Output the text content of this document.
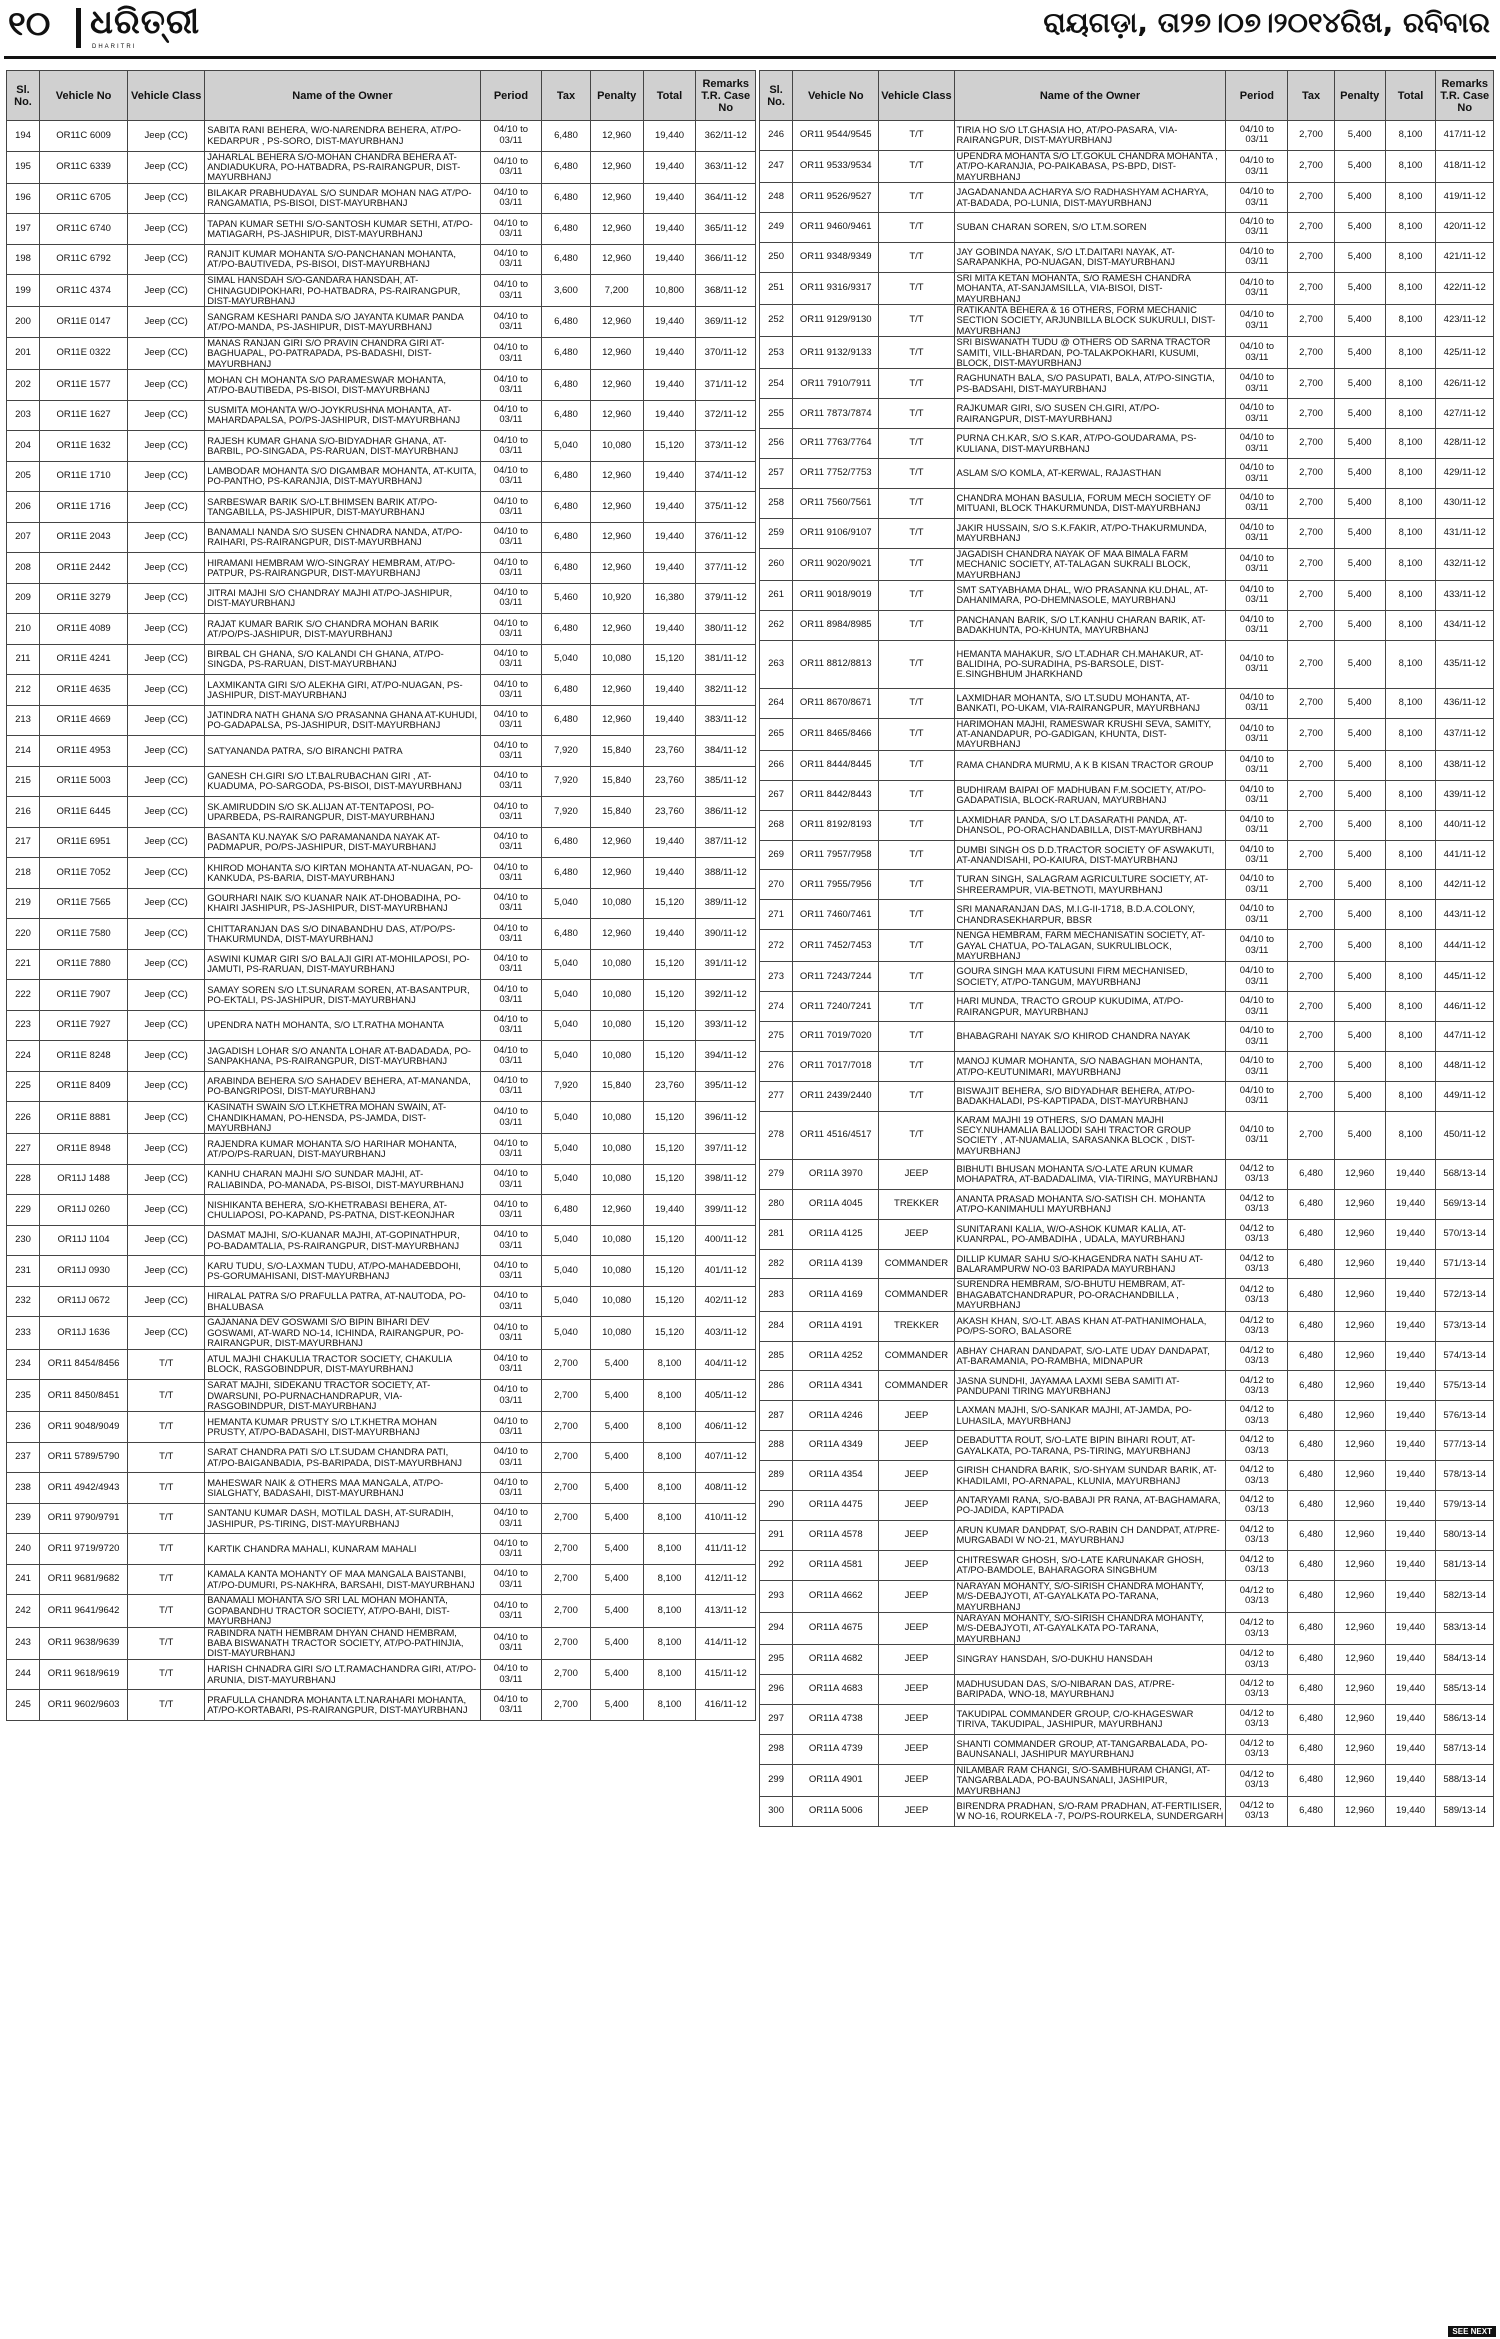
୧୦ ଧରିତ୍ରୀ
DHARITRI
ରାୟଗଡ଼ା, ତା୨୭।୦୭।୨୦୧୪ରିଖ, ରବିବାର
Sl. No.	Vehicle No	Vehicle Class	Name of the Owner	Period	Tax	Penalty	Total	Remarks T.R. Case No
194	OR11C 6009	Jeep (CC)	SABITA RANI BEHERA, W/O-NARENDRA BEHERA, AT/PO-KEDARPUR , PS-SORO, DIST-MAYURBHANJ	04/10 to 03/11	6,480	12,960	19,440	362/11-12
195	OR11C 6339	Jeep (CC)	JAHARLAL BEHERA S/O-MOHAN CHANDRA BEHERA AT-ANDIADUKURA, PO-HATBADRA, PS-RAIRANGPUR, DIST-MAYURBHANJ	04/10 to 03/11	6,480	12,960	19,440	363/11-12
196	OR11C 6705	Jeep (CC)	BILAKAR PRABHUDAYAL S/O SUNDAR MOHAN NAG AT/PO-RANGAMATIA, PS-BISOI, DIST-MAYURBHANJ	04/10 to 03/11	6,480	12,960	19,440	364/11-12
197	OR11C 6740	Jeep (CC)	TAPAN KUMAR SETHI S/O-SANTOSH KUMAR SETHI, AT/PO-MATIAGARH, PS-JASHIPUR, DIST-MAYURBHANJ	04/10 to 03/11	6,480	12,960	19,440	365/11-12
198	OR11C 6792	Jeep (CC)	RANJIT KUMAR MOHANTA S/O-PANCHANAN MOHANTA, AT/PO-BAUTIVEDA, PS-BISOI, DIST-MAYURBHANJ	04/10 to 03/11	6,480	12,960	19,440	366/11-12
199	OR11C 4374	Jeep (CC)	SIMAL HANSDAH S/O-GANDARA HANSDAH, AT-CHINAGUDIPOKHARI, PO-HATBADRA, PS-RAIRANGPUR, DIST-MAYURBHANJ	04/10 to 03/11	3,600	7,200	10,800	368/11-12
200	OR11E 0147	Jeep (CC)	SANGRAM KESHARI PANDA S/O JAYANTA KUMAR PANDA AT/PO-MANDA, PS-JASHIPUR, DIST-MAYURBHANJ	04/10 to 03/11	6,480	12,960	19,440	369/11-12
201	OR11E 0322	Jeep (CC)	MANAS RANJAN GIRI S/O PRAVIN CHANDRA GIRI AT-BAGHUAPAL, PO-PATRAPADA, PS-BADASHI, DIST-MAYURBHANJ	04/10 to 03/11	6,480	12,960	19,440	370/11-12
202	OR11E 1577	Jeep (CC)	MOHAN CH MOHANTA S/O PARAMESWAR MOHANTA, AT/PO-BAUTIBEDA, PS-BISOI, DIST-MAYURBHANJ	04/10 to 03/11	6,480	12,960	19,440	371/11-12
203	OR11E 1627	Jeep (CC)	SUSMITA MOHANTA W/O-JOYKRUSHNA MOHANTA, AT-MAHARDAPALSA, PO/PS-JASHIPUR, DIST-MAYURBHANJ	04/10 to 03/11	6,480	12,960	19,440	372/11-12
204	OR11E 1632	Jeep (CC)	RAJESH KUMAR GHANA S/O-BIDYADHAR GHANA, AT-BARBIL, PO-SINGADA, PS-RARUAN, DIST-MAYURBHANJ	04/10 to 03/11	5,040	10,080	15,120	373/11-12
205	OR11E 1710	Jeep (CC)	LAMBODAR MOHANTA S/O DIGAMBAR MOHANTA, AT-KUITA, PO-PANTHO, PS-KARANJIA, DIST-MAYURBHANJ	04/10 to 03/11	6,480	12,960	19,440	374/11-12
206	OR11E 1716	Jeep (CC)	SARBESWAR BARIK S/O-LT.BHIMSEN BARIK AT/PO-TANGABILLA, PS-JASHIPUR, DIST-MAYURBHANJ	04/10 to 03/11	6,480	12,960	19,440	375/11-12
207	OR11E 2043	Jeep (CC)	BANAMALI NANDA S/O SUSEN CHNADRA NANDA, AT/PO-RAIHARI, PS-RAIRANGPUR, DIST-MAYURBHANJ	04/10 to 03/11	6,480	12,960	19,440	376/11-12
208	OR11E 2442	Jeep (CC)	HIRAMANI HEMBRAM W/O-SINGRAY HEMBRAM, AT/PO-PATPUR, PS-RAIRANGPUR, DIST-MAYURBHANJ	04/10 to 03/11	6,480	12,960	19,440	377/11-12
209	OR11E 3279	Jeep (CC)	JITRAI MAJHI S/O CHANDRAY MAJHI AT/PO-JASHIPUR, DIST-MAYURBHANJ	04/10 to 03/11	5,460	10,920	16,380	379/11-12
210	OR11E 4089	Jeep (CC)	RAJAT KUMAR BARIK S/O CHANDRA MOHAN BARIK AT/PO/PS-JASHIPUR, DIST-MAYURBHANJ	04/10 to 03/11	6,480	12,960	19,440	380/11-12
211	OR11E 4241	Jeep (CC)	BIRBAL CH GHANA, S/O KALANDI CH GHANA, AT/PO-SINGDA, PS-RARUAN, DIST-MAYURBHANJ	04/10 to 03/11	5,040	10,080	15,120	381/11-12
212	OR11E 4635	Jeep (CC)	LAXMIKANTA GIRI S/O ALEKHA GIRI, AT/PO-NUAGAN, PS-JASHIPUR, DIST-MAYURBHANJ	04/10 to 03/11	6,480	12,960	19,440	382/11-12
213	OR11E 4669	Jeep (CC)	JATINDRA NATH GHANA S/O PRASANNA GHANA AT-KUHUDI, PO-GADAPALSA, PS-JASHIPUR, DSIT-MAYURBHANJ	04/10 to 03/11	6,480	12,960	19,440	383/11-12
214	OR11E 4953	Jeep (CC)	SATYANANDA PATRA, S/O BIRANCHI PATRA	04/10 to 03/11	7,920	15,840	23,760	384/11-12
215	OR11E 5003	Jeep (CC)	GANESH CH.GIRI S/O LT.BALRUBACHAN GIRI , AT-KUADUMA, PO-SARGODA, PS-BISOI, DIST-MAYURBHANJ	04/10 to 03/11	7,920	15,840	23,760	385/11-12
216	OR11E 6445	Jeep (CC)	SK.AMIRUDDIN S/O SK.ALIJAN AT-TENTAPOSI, PO-UPARBEDA, PS-RAIRANGPUR, DIST-MAYURBHANJ	04/10 to 03/11	7,920	15,840	23,760	386/11-12
217	OR11E 6951	Jeep (CC)	BASANTA KU.NAYAK S/O PARAMANANDA NAYAK AT-PADMAPUR, PO/PS-JASHIPUR, DIST-MAYURBHANJ	04/10 to 03/11	6,480	12,960	19,440	387/11-12
218	OR11E 7052	Jeep (CC)	KHIROD MOHANTA S/O KIRTAN MOHANTA AT-NUAGAN, PO-KANKUDA, PS-BARIA, DIST-MAYURBHANJ	04/10 to 03/11	6,480	12,960	19,440	388/11-12
219	OR11E 7565	Jeep (CC)	GOURHARI NAIK S/O KUANAR NAIK AT-DHOBADIHA, PO-KHAIRI JASHIPUR, PS-JASHIPUR, DIST-MAYURBHANJ	04/10 to 03/11	5,040	10,080	15,120	389/11-12
220	OR11E 7580	Jeep (CC)	CHITTARANJAN DAS S/O DINABANDHU DAS, AT/PO/PS-THAKURMUNDA, DIST-MAYURBHANJ	04/10 to 03/11	6,480	12,960	19,440	390/11-12
221	OR11E 7880	Jeep (CC)	ASWINI KUMAR GIRI S/O BALAJI GIRI AT-MOHILAPOSI, PO-JAMUTI, PS-RARUAN, DIST-MAYURBHANJ	04/10 to 03/11	5,040	10,080	15,120	391/11-12
222	OR11E 7907	Jeep (CC)	SAMAY SOREN S/O LT.SUNARAM SOREN, AT-BASANTPUR, PO-EKTALI, PS-JASHIPUR, DIST-MAYURBHANJ	04/10 to 03/11	5,040	10,080	15,120	392/11-12
223	OR11E 7927	Jeep (CC)	UPENDRA NATH MOHANTA, S/O LT.RATHA MOHANTA	04/10 to 03/11	5,040	10,080	15,120	393/11-12
224	OR11E 8248	Jeep (CC)	JAGADISH LOHAR S/O ANANTA LOHAR AT-BADADADA, PO-SANPAKHANA, PS-RAIRANGPUR, DIST-MAYURBHANJ	04/10 to 03/11	5,040	10,080	15,120	394/11-12
225	OR11E 8409	Jeep (CC)	ARABINDA BEHERA S/O SAHADEV BEHERA, AT-MANANDA, PO-BANGRIPOSI, DIST-MAYURBHANJ	04/10 to 03/11	7,920	15,840	23,760	395/11-12
226	OR11E 8881	Jeep (CC)	KASINATH SWAIN S/O LT.KHETRA MOHAN SWAIN, AT-CHANDIKHAMAN, PO-HENSDA, PS-JAMDA, DIST-MAYURBHANJ	04/10 to 03/11	5,040	10,080	15,120	396/11-12
227	OR11E 8948	Jeep (CC)	RAJENDRA KUMAR MOHANTA S/O HARIHAR MOHANTA, AT/PO/PS-RARUAN, DIST-MAYURBHANJ	04/10 to 03/11	5,040	10,080	15,120	397/11-12
228	OR11J 1488	Jeep (CC)	KANHU CHARAN MAJHI S/O SUNDAR MAJHI, AT-RALIABINDA, PO-MANADA, PS-BISOI, DIST-MAYURBHANJ	04/10 to 03/11	5,040	10,080	15,120	398/11-12
229	OR11J 0260	Jeep (CC)	NISHIKANTA BEHERA, S/O-KHETRABASI BEHERA, AT-CHULIAPOSI, PO-KAPAND, PS-PATNA, DIST-KEONJHAR	04/10 to 03/11	6,480	12,960	19,440	399/11-12
230	OR11J 1104	Jeep (CC)	DASMAT MAJHI, S/O-KUANAR MAJHI, AT-GOPINATHPUR, PO-BADAMTALIA, PS-RAIRANGPUR, DIST-MAYURBHANJ	04/10 to 03/11	5,040	10,080	15,120	400/11-12
231	OR11J 0930	Jeep (CC)	KARU TUDU, S/O-LAXMAN TUDU, AT/PO-MAHADEBDOHI, PS-GORUMAHISANI, DIST-MAYURBHANJ	04/10 to 03/11	5,040	10,080	15,120	401/11-12
232	OR11J 0672	Jeep (CC)	HIRALAL PATRA S/O PRAFULLA PATRA, AT-NAUTODA, PO-BHALUBASA	04/10 to 03/11	5,040	10,080	15,120	402/11-12
233	OR11J 1636	Jeep (CC)	GAJANANA DEV GOSWAMI S/O BIPIN BIHARI DEV GOSWAMI, AT-WARD NO-14, ICHINDA, RAIRANGPUR, PO-RAIRANGPUR, DIST-MAYURBHANJ	04/10 to 03/11	5,040	10,080	15,120	403/11-12
234	OR11 8454/8456	T/T	ATUL MAJHI CHAKULIA TRACTOR SOCIETY, CHAKULIA BLOCK, RASGOBINDPUR, DIST-MAYURBHANJ	04/10 to 03/11	2,700	5,400	8,100	404/11-12
235	OR11 8450/8451	T/T	SARAT MAJHI, SIDEKANU TRACTOR SOCIETY, AT-DWARSUNI, PO-PURNACHANDRAPUR, VIA-RASGOBINDPUR, DIST-MAYURBHANJ	04/10 to 03/11	2,700	5,400	8,100	405/11-12
236	OR11 9048/9049	T/T	HEMANTA KUMAR PRUSTY S/O LT.KHETRA MOHAN PRUSTY, AT/PO-BADASAHI, DIST-MAYURBHANJ	04/10 to 03/11	2,700	5,400	8,100	406/11-12
237	OR11 5789/5790	T/T	SARAT CHANDRA PATI S/O LT.SUDAM CHANDRA PATI, AT/PO-BAIGANBADIA, PS-BARIPADA, DIST-MAYURBHANJ	04/10 to 03/11	2,700	5,400	8,100	407/11-12
238	OR11 4942/4943	T/T	MAHESWAR NAIK & OTHERS MAA MANGALA, AT/PO-SIALGHATY, BADASAHI, DIST-MAYURBHANJ	04/10 to 03/11	2,700	5,400	8,100	408/11-12
239	OR11 9790/9791	T/T	SANTANU KUMAR DASH, MOTILAL DASH, AT-SURADIH, JASHIPUR, PS-TIRING, DIST-MAYURBHANJ	04/10 to 03/11	2,700	5,400	8,100	410/11-12
240	OR11 9719/9720	T/T	KARTIK CHANDRA MAHALI, KUNARAM MAHALI	04/10 to 03/11	2,700	5,400	8,100	411/11-12
241	OR11 9681/9682	T/T	KAMALA KANTA MOHANTY OF MAA MANGALA BAISTANBI, AT/PO-DUMURI, PS-NAKHRA, BARSAHI, DIST-MAYURBHANJ	04/10 to 03/11	2,700	5,400	8,100	412/11-12
242	OR11 9641/9642	T/T	BANAMALI MOHANTA S/O SRI LAL MOHAN MOHANTA, GOPABANDHU TRACTOR SOCIETY, AT/PO-BAHI, DIST-MAYURBHANJ	04/10 to 03/11	2,700	5,400	8,100	413/11-12
243	OR11 9638/9639	T/T	RABINDRA NATH HEMBRAM DHYAN CHAND HEMBRAM, BABA BISWANATH TRACTOR SOCIETY, AT/PO-PATHINJIA, DIST-MAYURBHANJ	04/10 to 03/11	2,700	5,400	8,100	414/11-12
244	OR11 9618/9619	T/T	HARISH CHNADRA GIRI S/O LT.RAMACHANDRA GIRI, AT/PO-ARUNIA, DIST-MAYURBHANJ	04/10 to 03/11	2,700	5,400	8,100	415/11-12
245	OR11 9602/9603	T/T	PRAFULLA CHANDRA MOHANTA LT.NARAHARI MOHANTA, AT/PO-KORTABARI, PS-RAIRANGPUR, DIST-MAYURBHANJ	04/10 to 03/11	2,700	5,400	8,100	416/11-12
Sl. No.	Vehicle No	Vehicle Class	Name of the Owner	Period	Tax	Penalty	Total	Remarks T.R. Case No
246	OR11 9544/9545	T/T	TIRIA HO S/O LT.GHASIA HO, AT/PO-PASARA, VIA-RAIRANGPUR, DIST-MAYURBHANJ	04/10 to 03/11	2,700	5,400	8,100	417/11-12
247	OR11 9533/9534	T/T	UPENDRA MOHANTA S/O LT.GOKUL CHANDRA MOHANTA , AT/PO-KARANJIA, PO-PAIKABASA, PS-BPD, DIST-MAYURBHANJ	04/10 to 03/11	2,700	5,400	8,100	418/11-12
248	OR11 9526/9527	T/T	JAGADANANDA ACHARYA S/O RADHASHYAM ACHARYA, AT-BADADA, PO-LUNIA, DIST-MAYURBHANJ	04/10 to 03/11	2,700	5,400	8,100	419/11-12
249	OR11 9460/9461	T/T	SUBAN CHARAN SOREN, S/O LT.M.SOREN	04/10 to 03/11	2,700	5,400	8,100	420/11-12
250	OR11 9348/9349	T/T	JAY GOBINDA NAYAK, S/O LT.DAITARI NAYAK, AT-SARAPANKHA, PO-NUAGAN, DIST-MAYURBHANJ	04/10 to 03/11	2,700	5,400	8,100	421/11-12
251	OR11 9316/9317	T/T	SRI MITA KETAN MOHANTA, S/O RAMESH CHANDRA MOHANTA, AT-SANJAMSILLA, VIA-BISOI, DIST-MAYURBHANJ	04/10 to 03/11	2,700	5,400	8,100	422/11-12
252	OR11 9129/9130	T/T	RATIKANTA BEHERA & 16 OTHERS, FORM MECHANIC SECTION SOCIETY, ARJUNBILLA BLOCK SUKURULI, DIST-MAYURBHANJ	04/10 to 03/11	2,700	5,400	8,100	423/11-12
253	OR11 9132/9133	T/T	SRI BISWANATH TUDU @ OTHERS OD SARNA TRACTOR SAMITI, VILL-BHARDAN, PO-TALAKPOKHARI, KUSUMI, BLOCK, DIST-MAYURBHANJ	04/10 to 03/11	2,700	5,400	8,100	425/11-12
254	OR11 7910/7911	T/T	RAGHUNATH BALA, S/O PASUPATI, BALA, AT/PO-SINGTIA, PS-BADSAHI, DIST-MAYURBHANJ	04/10 to 03/11	2,700	5,400	8,100	426/11-12
255	OR11 7873/7874	T/T	RAJKUMAR GIRI, S/O SUSEN CH.GIRI, AT/PO-RAIRANGPUR, DIST-MAYURBHANJ	04/10 to 03/11	2,700	5,400	8,100	427/11-12
256	OR11 7763/7764	T/T	PURNA CH.KAR, S/O S.KAR, AT/PO-GOUDARAMA, PS-KULIANA, DIST-MAYURBHANJ	04/10 to 03/11	2,700	5,400	8,100	428/11-12
257	OR11 7752/7753	T/T	ASLAM S/O KOMLA, AT-KERWAL, RAJASTHAN	04/10 to 03/11	2,700	5,400	8,100	429/11-12
258	OR11 7560/7561	T/T	CHANDRA MOHAN BASULIA, FORUM MECH SOCIETY OF MITUANI, BLOCK THAKURMUNDA, DIST-MAYURBHANJ	04/10 to 03/11	2,700	5,400	8,100	430/11-12
259	OR11 9106/9107	T/T	JAKIR HUSSAIN, S/O S.K.FAKIR, AT/PO-THAKURMUNDA, MAYURBHANJ	04/10 to 03/11	2,700	5,400	8,100	431/11-12
260	OR11 9020/9021	T/T	JAGADISH CHANDRA NAYAK OF MAA BIMALA FARM MECHANIC SOCIETY, AT-TALAGAN SUKRALI BLOCK, MAYURBHANJ	04/10 to 03/11	2,700	5,400	8,100	432/11-12
261	OR11 9018/9019	T/T	SMT SATYABHAMA DHAL, W/O PRASANNA KU.DHAL, AT-DAHANIMARA, PO-DHEMNASOLE, MAYURBHANJ	04/10 to 03/11	2,700	5,400	8,100	433/11-12
262	OR11 8984/8985	T/T	PANCHANAN BARIK, S/O LT.KANHU CHARAN BARIK, AT-BADAKHUNTA, PO-KHUNTA, MAYURBHANJ	04/10 to 03/11	2,700	5,400	8,100	434/11-12
263	OR11 8812/8813	T/T	HEMANTA MAHAKUR, S/O LT.ADHAR CH.MAHAKUR, AT-BALIDIHA, PO-SURADIHA, PS-BARSOLE, DIST-E.SINGHBHUM JHARKHAND	04/10 to 03/11	2,700	5,400	8,100	435/11-12
264	OR11 8670/8671	T/T	LAXMIDHAR MOHANTA, S/O LT.SUDU MOHANTA, AT-BANKATI, PO-UKAM, VIA-RAIRANGPUR, MAYURBHANJ	04/10 to 03/11	2,700	5,400	8,100	436/11-12
265	OR11 8465/8466	T/T	HARIMOHAN MAJHI, RAMESWAR KRUSHI SEVA, SAMITY, AT-ANANDAPUR, PO-GADIGAN, KHUNTA, DIST-MAYURBHANJ	04/10 to 03/11	2,700	5,400	8,100	437/11-12
266	OR11 8444/8445	T/T	RAMA CHANDRA MURMU, A K B KISAN TRACTOR GROUP	04/10 to 03/11	2,700	5,400	8,100	438/11-12
267	OR11 8442/8443	T/T	BUDHIRAM BAIPAI OF MADHUBAN F.M.SOCIETY, AT/PO-GADAPATISIA, BLOCK-RARUAN, MAYURBHANJ	04/10 to 03/11	2,700	5,400	8,100	439/11-12
268	OR11 8192/8193	T/T	LAXMIDHAR PANDA, S/O LT.DASARATHI PANDA, AT-DHANSOL, PO-ORACHANDABILLA, DIST-MAYURBHANJ	04/10 to 03/11	2,700	5,400	8,100	440/11-12
269	OR11 7957/7958	T/T	DUMBI SINGH OS D.D.TRACTOR SOCIETY OF ASWAKUTI, AT-ANANDISAHI, PO-KAIURA, DIST-MAYURBHANJ	04/10 to 03/11	2,700	5,400	8,100	441/11-12
270	OR11 7955/7956	T/T	TURAN SINGH, SALAGRAM AGRICULTURE SOCIETY, AT-SHREERAMPUR, VIA-BETNOTI, MAYURBHANJ	04/10 to 03/11	2,700	5,400	8,100	442/11-12
271	OR11 7460/7461	T/T	SRI MANARANJAN DAS, M.I.G-II-1718, B.D.A.COLONY, CHANDRASEKHARPUR, BBSR	04/10 to 03/11	2,700	5,400	8,100	443/11-12
272	OR11 7452/7453	T/T	NENGA HEMBRAM, FARM MECHANISATIN SOCIETY, AT-GAYAL CHATUA, PO-TALAGAN, SUKRULIBLOCK, MAYURBHANJ	04/10 to 03/11	2,700	5,400	8,100	444/11-12
273	OR11 7243/7244	T/T	GOURA SINGH MAA KATUSUNI FIRM MECHANISED, SOCIETY, AT/PO-TANGUM, MAYURBHANJ	04/10 to 03/11	2,700	5,400	8,100	445/11-12
274	OR11 7240/7241	T/T	HARI MUNDA, TRACTO GROUP KUKUDIMA, AT/PO-RAIRANGPUR, MAYURBHANJ	04/10 to 03/11	2,700	5,400	8,100	446/11-12
275	OR11 7019/7020	T/T	BHABAGRAHI NAYAK S/O KHIROD CHANDRA NAYAK	04/10 to 03/11	2,700	5,400	8,100	447/11-12
276	OR11 7017/7018	T/T	MANOJ KUMAR MOHANTA, S/O NABAGHAN MOHANTA, AT/PO-KEUTUNIMARI, MAYURBHANJ	04/10 to 03/11	2,700	5,400	8,100	448/11-12
277	OR11 2439/2440	T/T	BISWAJIT BEHERA, S/O BIDYADHAR BEHERA, AT/PO-BADAKHALADI, PS-KAPTIPADA, DIST-MAYURBHANJ	04/10 to 03/11	2,700	5,400	8,100	449/11-12
278	OR11 4516/4517	T/T	KARAM MAJHI 19 OTHERS, S/O DAMAN MAJHI SECY.NUHAMALIA BALIJODI SAHI TRACTOR GROUP SOCIETY , AT-NUAMALIA, SARASANKA BLOCK , DIST-MAYURBHANJ	04/10 to 03/11	2,700	5,400	8,100	450/11-12
279	OR11A 3970	JEEP	BIBHUTI BHUSAN MOHANTA S/O-LATE ARUN KUMAR MOHAPATRA, AT-BADADALIMA, VIA-TIRING, MAYURBHANJ	04/12 to 03/13	6,480	12,960	19,440	568/13-14
280	OR11A 4045	TREKKER	ANANTA PRASAD MOHANTA S/O-SATISH CH. MOHANTA AT/PO-KANIMAHULI MAYURBHANJ	04/12 to 03/13	6,480	12,960	19,440	569/13-14
281	OR11A 4125	JEEP	SUNITARANI KALIA, W/O-ASHOK KUMAR KALIA, AT-KUANRPAL, PO-AMBADIHA , UDALA, MAYURBHANJ	04/12 to 03/13	6,480	12,960	19,440	570/13-14
282	OR11A 4139	COMMANDER	DILLIP KUMAR SAHU S/O-KHAGENDRA NATH SAHU AT-BALARAMPURW NO-03 BARIPADA MAYURBHANJ	04/12 to 03/13	6,480	12,960	19,440	571/13-14
283	OR11A 4169	COMMANDER	SURENDRA HEMBRAM, S/O-BHUTU HEMBRAM, AT-BHAGABATCHANDRAPUR, PO-ORACHANDBILLA , MAYURBHANJ	04/12 to 03/13	6,480	12,960	19,440	572/13-14
284	OR11A 4191	TREKKER	AKASH KHAN, S/O-LT. ABAS KHAN AT-PATHANIMOHALA, PO/PS-SORO, BALASORE	04/12 to 03/13	6,480	12,960	19,440	573/13-14
285	OR11A 4252	COMMANDER	ABHAY CHARAN DANDAPAT, S/O-LATE UDAY DANDAPAT, AT-BARAMANIA, PO-RAMBHA, MIDNAPUR	04/12 to 03/13	6,480	12,960	19,440	574/13-14
286	OR11A 4341	COMMANDER	JASNA SUNDHI, JAYAMAA LAXMI SEBA SAMITI AT-PANDUPANI TIRING MAYURBHANJ	04/12 to 03/13	6,480	12,960	19,440	575/13-14
287	OR11A 4246	JEEP	LAXMAN MAJHI, S/O-SANKAR MAJHI, AT-JAMDA, PO-LUHASILA, MAYURBHANJ	04/12 to 03/13	6,480	12,960	19,440	576/13-14
288	OR11A 4349	JEEP	DEBADUTTA ROUT, S/O-LATE BIPIN BIHARI ROUT, AT-GAYALKATA, PO-TARANA, PS-TIRING, MAYURBHANJ	04/12 to 03/13	6,480	12,960	19,440	577/13-14
289	OR11A 4354	JEEP	GIRISH CHANDRA BARIK, S/O-SHYAM SUNDAR BARIK, AT-KHADILAMI, PO-ARNAPAL, KLUNIA, MAYURBHANJ	04/12 to 03/13	6,480	12,960	19,440	578/13-14
290	OR11A 4475	JEEP	ANTARYAMI RANA, S/O-BABAJI PR RANA, AT-BAGHAMARA, PO-JADIDA, KAPTIPADA	04/12 to 03/13	6,480	12,960	19,440	579/13-14
291	OR11A 4578	JEEP	ARUN KUMAR DANDPAT, S/O-RABIN CH DANDPAT, AT/PRE-MURGABADI W NO-21, MAYURBHANJ	04/12 to 03/13	6,480	12,960	19,440	580/13-14
292	OR11A 4581	JEEP	CHITRESWAR GHOSH, S/O-LATE KARUNAKAR GHOSH, AT/PO-BAMDOLE, BAHARAGORA SINGBHUM	04/12 to 03/13	6,480	12,960	19,440	581/13-14
293	OR11A 4662	JEEP	NARAYAN MOHANTY, S/O-SIRISH CHANDRA MOHANTY, M/S-DEBAJYOTI, AT-GAYALKATA PO-TARANA, MAYURBHANJ	04/12 to 03/13	6,480	12,960	19,440	582/13-14
294	OR11A 4675	JEEP	NARAYAN MOHANTY, S/O-SIRISH CHANDRA MOHANTY, M/S-DEBAJYOTI, AT-GAYALKATA PO-TARANA, MAYURBHANJ	04/12 to 03/13	6,480	12,960	19,440	583/13-14
295	OR11A 4682	JEEP	SINGRAY HANSDAH, S/O-DUKHU HANSDAH	04/12 to 03/13	6,480	12,960	19,440	584/13-14
296	OR11A 4683	JEEP	MADHUSUDAN DAS, S/O-NIBARAN DAS, AT/PRE-BARIPADA, WNO-18, MAYURBHANJ	04/12 to 03/13	6,480	12,960	19,440	585/13-14
297	OR11A 4738	JEEP	TAKUDIPAL COMMANDER GROUP, C/O-KHAGESWAR TIRIVA, TAKUDIPAL, JASHIPUR, MAYURBHANJ	04/12 to 03/13	6,480	12,960	19,440	586/13-14
298	OR11A 4739	JEEP	SHANTI COMMANDER GROUP, AT-TANGARBALADA, PO-BAUNSANALI, JASHIPUR MAYURBHANJ	04/12 to 03/13	6,480	12,960	19,440	587/13-14
299	OR11A 4901	JEEP	NILAMBAR RAM CHANGI, S/O-SAMBHURAM CHANGI, AT-TANGARBALADA, PO-BAUNSANALI, JASHIPUR, MAYURBHANJ	04/12 to 03/13	6,480	12,960	19,440	588/13-14
300	OR11A 5006	JEEP	BIRENDRA PRADHAN, S/O-RAM PRADHAN, AT-FERTILISER, W NO-16, ROURKELA -7, PO/PS-ROURKELA, SUNDERGARH	04/12 to 03/13	6,480	12,960	19,440	589/13-14
SEE NEXT
